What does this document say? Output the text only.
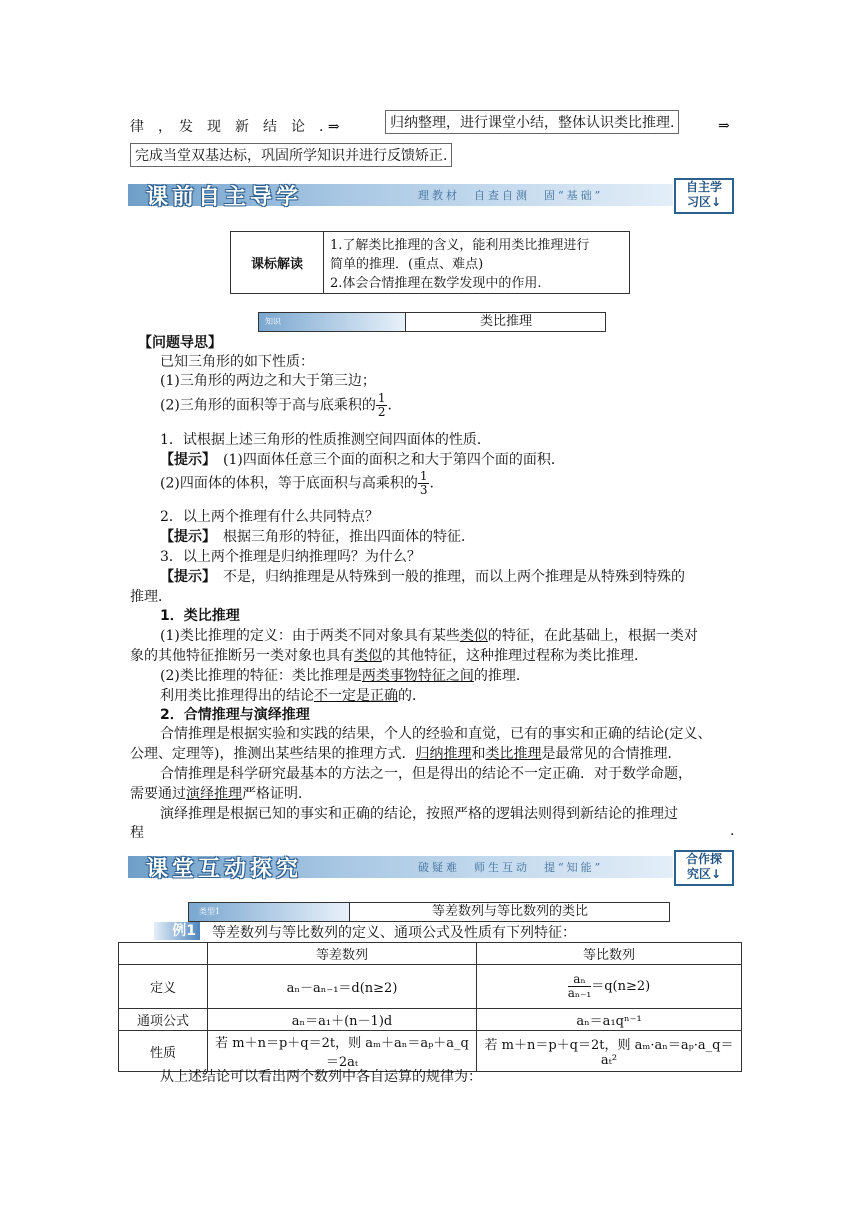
律　，　发　现　新　结　论　. ⇒	归纳整理，进行课堂小结，整体认识类比推理.	⇒
完成当堂双基达标，巩固所学知识并进行反馈矫正.
课前自主导学	理教材　自查自测　固“基础”
自主学
习区↓
课标解读	
1.了解类比推理的含义，能利用类比推理进行
简单的推理．(重点、难点)
2.体会合情推理在数学发现中的作用.
知识	类比推理
【问题导思】
已知三角形的如下性质：
(1)三角形的两边之和大于第三边；
(2)三角形的面积等于高与底乘积的 $\frac{1}{2}$ .
1．试根据上述三角形的性质推测空间四面体的性质．
【提示】　 (1)四面体任意三个面的面积之和大于第四个面的面积．
(2)四面体的体积，等于底面积与高乘积的 $\frac{1}{3}$ .
2．以上两个推理有什么共同特点？
【提示】　 根据三角形的特征，推出四面体的特征．
3．以上两个推理是归纳推理吗？为什么？
【提示】　 不是，归纳推理是从特殊到一般的推理，而以上两个推理是从特殊到特殊的
推理．
1．类比推理
(1)类比推理的定义：由于两类不同对象具有某些类似的特征，在此基础上，根据一类对
象的其他特征推断另一类对象也具有类似的其他特征，这种推理过程称为类比推理．
(2)类比推理的特征：类比推理是两类事物特征之间的推理．
利用类比推理得出的结论不一定是正确的．
2．合情推理与演绎推理
合情推理是根据实验和实践的结果，个人的经验和直觉，已有的事实和正确的结论(定义、
公理、定理等)，推测出某些结果的推理方式．归纳推理和类比推理是最常见的合情推理．
合情推理是科学研究最基本的方法之一，但是得出的结论不一定正确．对于数学命题，
需要通过演绎推理严格证明．
演绎推理是根据已知的事实和正确的结论，按照严格的逻辑法则得到新结论的推理过
程	.
课堂互动探究	破疑难　师生互动　提“知能”
合作探
究区↓
类型1	等差数列与等比数列的类比
例1 等差数列与等比数列的定义、通项公式及性质有下列特征：
	等差数列	等比数列
定义	aₙ－aₙ₋₁＝d(n≥2)	$\frac{\text{aₙ}}{\text{aₙ₋₁}} =q(n\ge 2)$
通项公式	aₙ＝a₁＋(n－1)d	aₙ＝a₁qⁿ⁻¹
性质	若 m＋n＝p＋q＝2t，则 aₘ＋aₙ＝aₚ＋a_q＝2aₜ	若 m＋n＝p＋q＝2t，则 aₘ·aₙ＝aₚ·a_q＝aₜ²
从上述结论可以看出两个数列中各自运算的规律为：
